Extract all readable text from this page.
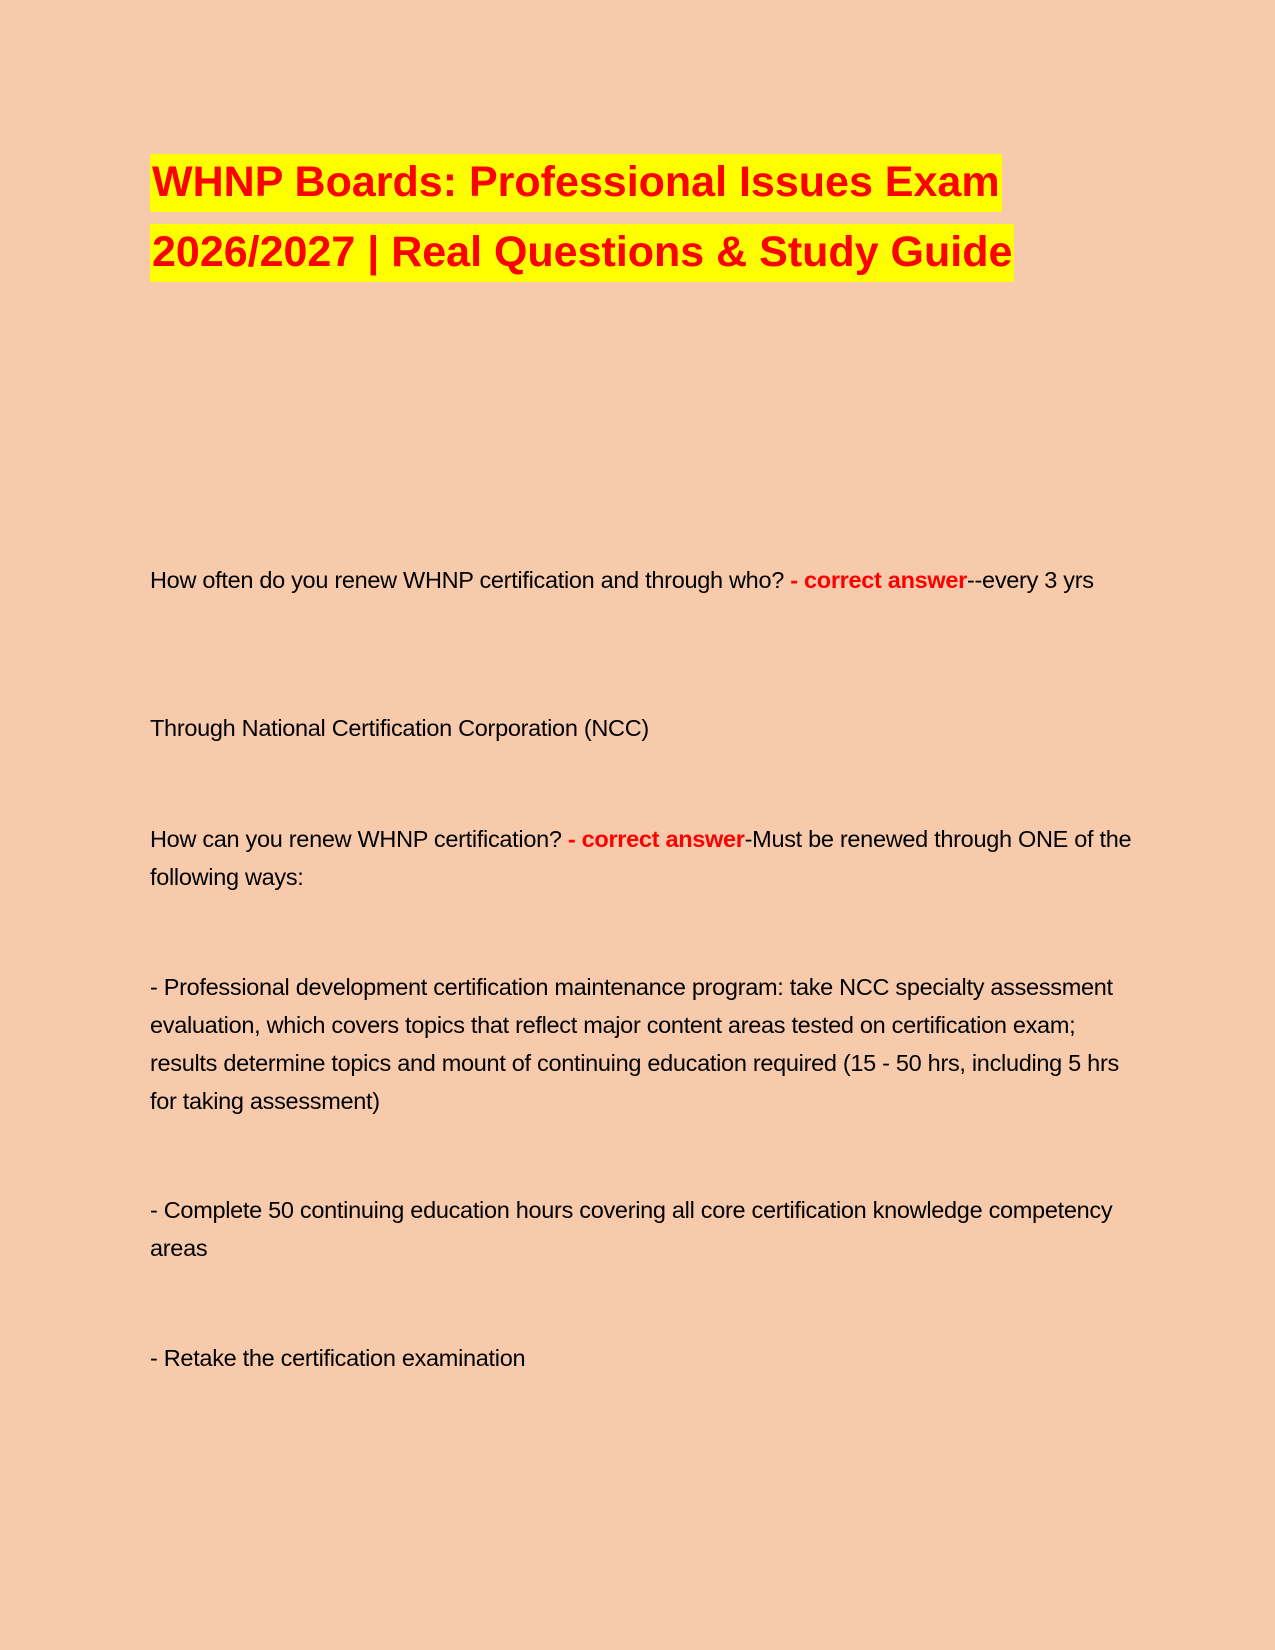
WHNP Boards: Professional Issues Exam
2026/2027 | Real Questions & Study Guide

How often do you renew WHNP certification and through who? - correct answer--every 3 yrs

Through National Certification Corporation (NCC)

How can you renew WHNP certification? - correct answer-Must be renewed through ONE of the following ways:

- Professional development certification maintenance program: take NCC specialty assessment evaluation, which covers topics that reflect major content areas tested on certification exam; results determine topics and mount of continuing education required (15 - 50 hrs, including 5 hrs for taking assessment)

- Complete 50 continuing education hours covering all core certification knowledge competency areas

- Retake the certification examination
